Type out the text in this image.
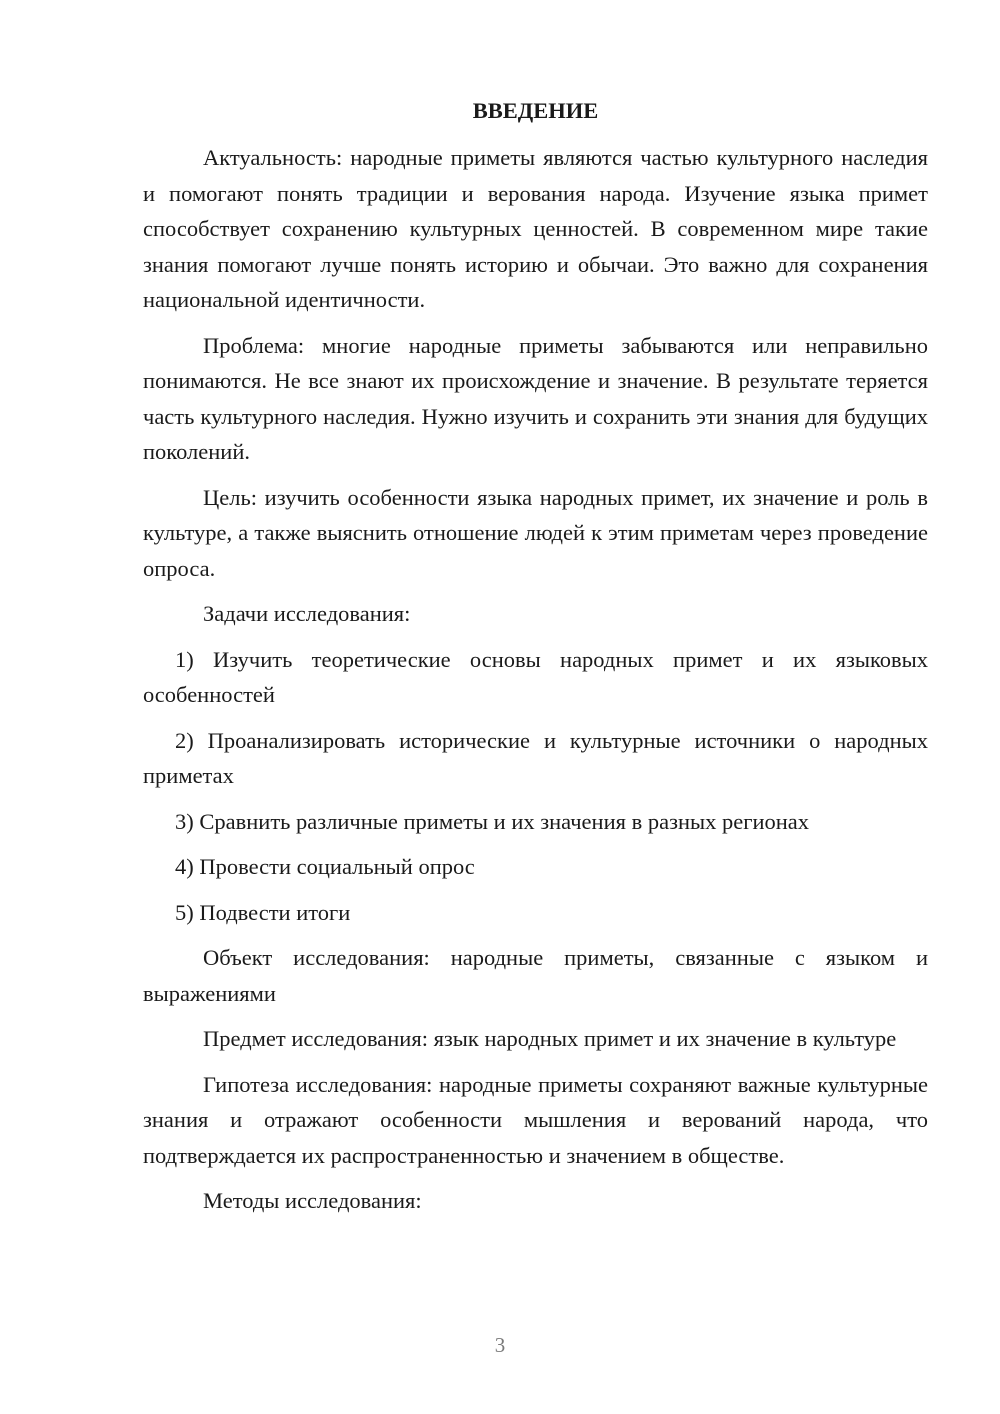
ВВЕДЕНИЕ

Актуальность: народные приметы являются частью культурного наследия и помогают понять традиции и верования народа. Изучение языка примет способствует сохранению культурных ценностей. В современном мире такие знания помогают лучше понять историю и обычаи. Это важно для сохранения национальной идентичности.

Проблема: многие народные приметы забываются или неправильно понимаются. Не все знают их происхождение и значение. В результате теряется часть культурного наследия. Нужно изучить и сохранить эти знания для будущих поколений.

Цель: изучить особенности языка народных примет, их значение и роль в культуре, а также выяснить отношение людей к этим приметам через проведение опроса.

Задачи исследования:

1) Изучить теоретические основы народных примет и их языковых особенностей

2) Проанализировать исторические и культурные источники о народных приметах

3) Сравнить различные приметы и их значения в разных регионах

4) Провести социальный опрос

5) Подвести итоги

Объект исследования: народные приметы, связанные с языком и выражениями

Предмет исследования: язык народных примет и их значение в культуре

Гипотеза исследования: народные приметы сохраняют важные культурные знания и отражают особенности мышления и верований народа, что подтверждается их распространенностью и значением в обществе.

Методы исследования:

3
